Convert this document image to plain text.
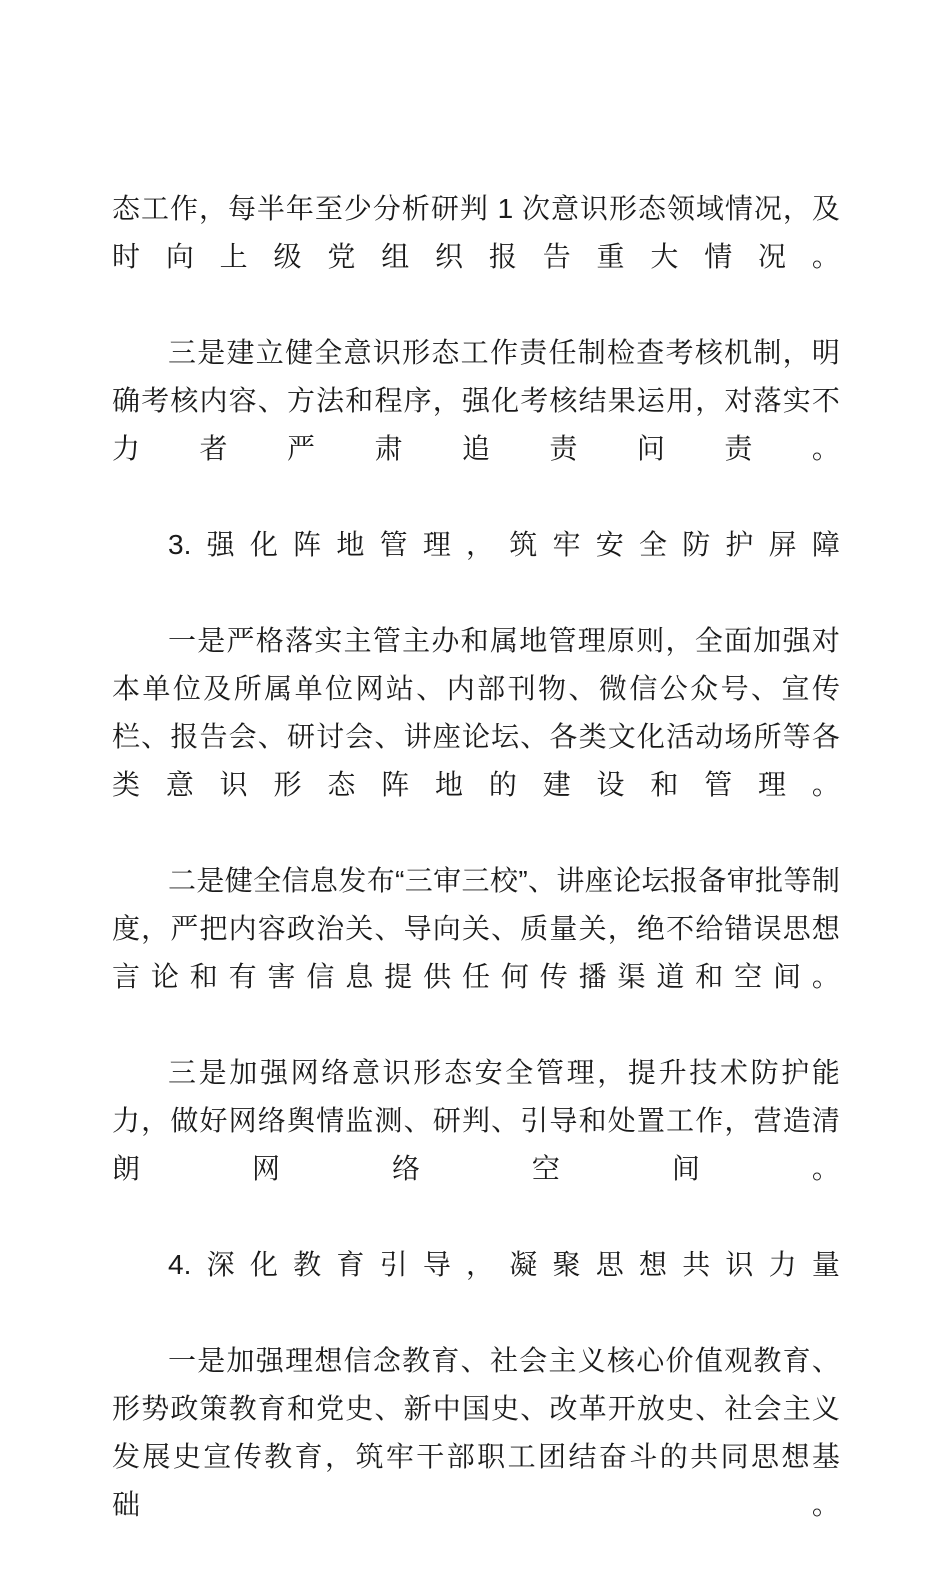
态工作，每半年至少分析研判 1 次意识形态领域情况，及时向上级党组织报告重大情况。

三是建立健全意识形态工作责任制检查考核机制，明确考核内容、方法和程序，强化考核结果运用，对落实不力者严肃追责问责。

3.强化阵地管理，筑牢安全防护屏障

一是严格落实主管主办和属地管理原则，全面加强对本单位及所属单位网站、内部刊物、微信公众号、宣传栏、报告会、研讨会、讲座论坛、各类文化活动场所等各类意识形态阵地的建设和管理。

二是健全信息发布“三审三校”、讲座论坛报备审批等制度，严把内容政治关、导向关、质量关，绝不给错误思想言论和有害信息提供任何传播渠道和空间。

三是加强网络意识形态安全管理，提升技术防护能力，做好网络舆情监测、研判、引导和处置工作，营造清朗网络空间。

4.深化教育引导，凝聚思想共识力量

一是加强理想信念教育、社会主义核心价值观教育、形势政策教育和党史、新中国史、改革开放史、社会主义发展史宣传教育，筑牢干部职工团结奋斗的共同思想基础。
